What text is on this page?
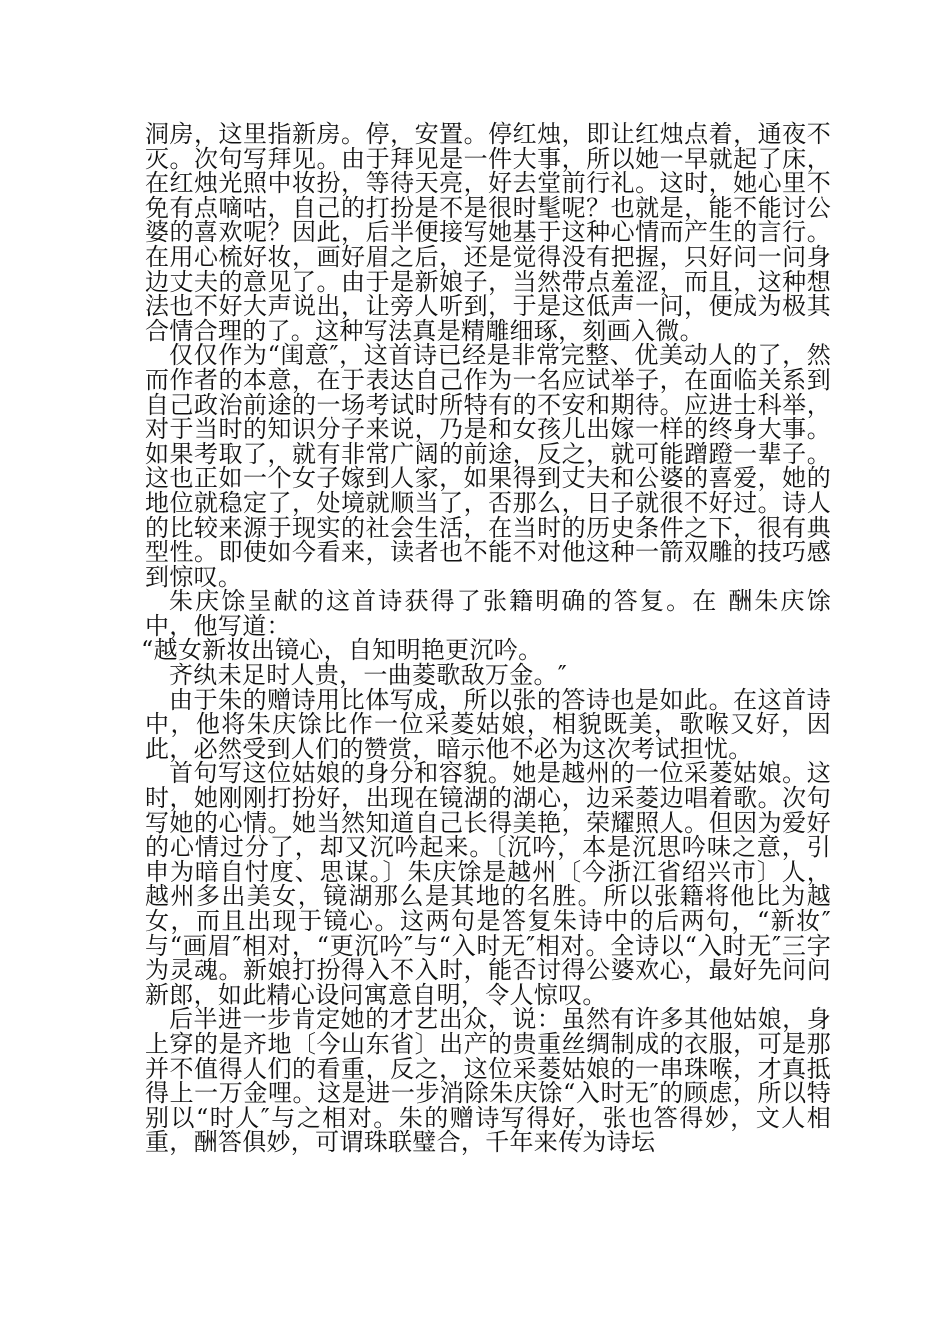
洞房，这里指新房。停，安置。停红烛，即让红烛点着，通夜不灭。次句写拜见。由于拜见是一件大事，所以她一早就起了床，在红烛光照中妆扮，等待天亮，好去堂前行礼。这时，她心里不免有点嘀咕，自己的打扮是不是很时髦呢？也就是，能不能讨公婆的喜欢呢？因此，后半便接写她基于这种心情而产生的言行。在用心梳好妆，画好眉之后，还是觉得没有把握，只好问一问身边丈夫的意见了。由于是新娘子，当然带点羞涩，而且，这种想法也不好大声说出，让旁人听到，于是这低声一问，便成为极其合情合理的了。这种写法真是精雕细琢，刻画入微。

仅仅作为“闺意″，这首诗已经是非常完整、优美动人的了，然而作者的本意，在于表达自己作为一名应试举子，在面临关系到自己政治前途的一场考试时所特有的不安和期待。应进士科举，对于当时的知识分子来说，乃是和女孩儿出嫁一样的终身大事。如果考取了，就有非常广阔的前途，反之，就可能蹭蹬一辈子。这也正如一个女子嫁到人家，如果得到丈夫和公婆的喜爱，她的地位就稳定了，处境就顺当了，否那么，日子就很不好过。诗人的比较来源于现实的社会生活，在当时的历史条件之下，很有典型性。即使如今看来，读者也不能不对他这种一箭双雕的技巧感到惊叹。

朱庆馀呈献的这首诗获得了张籍明确的答复。在 酬朱庆馀中，他写道：

“越女新妆出镜心，自知明艳更沉吟。

齐纨未足时人贵，一曲菱歌敌万金。″

由于朱的赠诗用比体写成，所以张的答诗也是如此。在这首诗中，他将朱庆馀比作一位采菱姑娘，相貌既美，歌喉又好，因此，必然受到人们的赞赏，暗示他不必为这次考试担忧。

首句写这位姑娘的身分和容貌。她是越州的一位采菱姑娘。这时，她刚刚打扮好，出现在镜湖的湖心，边采菱边唱着歌。次句写她的心情。她当然知道自己长得美艳，荣耀照人。但因为爱好的心情过分了，却又沉吟起来。〔沉吟，本是沉思吟味之意，引申为暗自忖度、思谋。〕朱庆馀是越州〔今浙江省绍兴市〕人，越州多出美女，镜湖那么是其地的名胜。所以张籍将他比为越女，而且出现于镜心。这两句是答复朱诗中的后两句，“新妆″与“画眉″相对，“更沉吟″与“入时无″相对。全诗以“入时无″三字为灵魂。新娘打扮得入不入时，能否讨得公婆欢心，最好先问问新郎，如此精心设问寓意自明，令人惊叹。

后半进一步肯定她的才艺出众，说：虽然有许多其他姑娘，身上穿的是齐地〔今山东省〕出产的贵重丝绸制成的衣服，可是那并不值得人们的看重，反之，这位采菱姑娘的一串珠喉，才真抵得上一万金哩。这是进一步消除朱庆馀“入时无″的顾虑，所以特别以“时人″与之相对。朱的赠诗写得好，张也答得妙，文人相重，酬答俱妙，可谓珠联璧合，千年来传为诗坛
